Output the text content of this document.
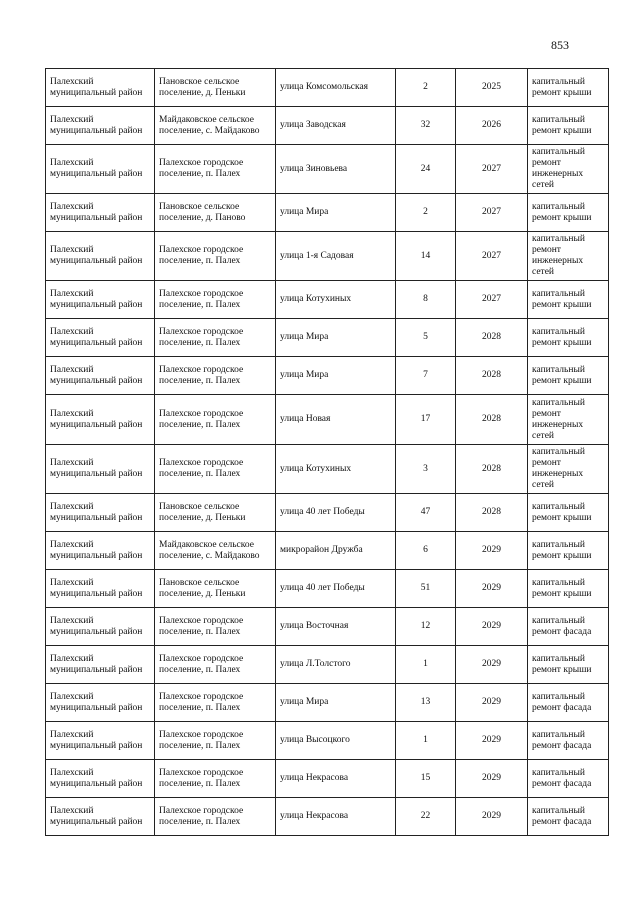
853
Палехский муниципальный район	Пановское сельское поселение, д. Пеньки	улица Комсомольская	2	2025	капитальный ремонт крыши
Палехский муниципальный район	Майдаковское сельское поселение, с. Майдаково	улица Заводская	32	2026	капитальный ремонт крыши
Палехский муниципальный район	Палехское городское поселение, п. Палех	улица Зиновьева	24	2027	капитальный ремонт инженерных сетей
Палехский муниципальный район	Пановское сельское поселение, д. Паново	улица Мира	2	2027	капитальный ремонт крыши
Палехский муниципальный район	Палехское городское поселение, п. Палех	улица 1-я Садовая	14	2027	капитальный ремонт инженерных сетей
Палехский муниципальный район	Палехское городское поселение, п. Палех	улица Котухиных	8	2027	капитальный ремонт крыши
Палехский муниципальный район	Палехское городское поселение, п. Палех	улица Мира	5	2028	капитальный ремонт крыши
Палехский муниципальный район	Палехское городское поселение, п. Палех	улица Мира	7	2028	капитальный ремонт крыши
Палехский муниципальный район	Палехское городское поселение, п. Палех	улица Новая	17	2028	капитальный ремонт инженерных сетей
Палехский муниципальный район	Палехское городское поселение, п. Палех	улица Котухиных	3	2028	капитальный ремонт инженерных сетей
Палехский муниципальный район	Пановское сельское поселение, д. Пеньки	улица 40 лет Победы	47	2028	капитальный ремонт крыши
Палехский муниципальный район	Майдаковское сельское поселение, с. Майдаково	микрорайон Дружба	6	2029	капитальный ремонт крыши
Палехский муниципальный район	Пановское сельское поселение, д. Пеньки	улица 40 лет Победы	51	2029	капитальный ремонт крыши
Палехский муниципальный район	Палехское городское поселение, п. Палех	улица Восточная	12	2029	капитальный ремонт фасада
Палехский муниципальный район	Палехское городское поселение, п. Палех	улица Л.Толстого	1	2029	капитальный ремонт крыши
Палехский муниципальный район	Палехское городское поселение, п. Палех	улица Мира	13	2029	капитальный ремонт фасада
Палехский муниципальный район	Палехское городское поселение, п. Палех	улица Высоцкого	1	2029	капитальный ремонт фасада
Палехский муниципальный район	Палехское городское поселение, п. Палех	улица Некрасова	15	2029	капитальный ремонт фасада
Палехский муниципальный район	Палехское городское поселение, п. Палех	улица Некрасова	22	2029	капитальный ремонт фасада
